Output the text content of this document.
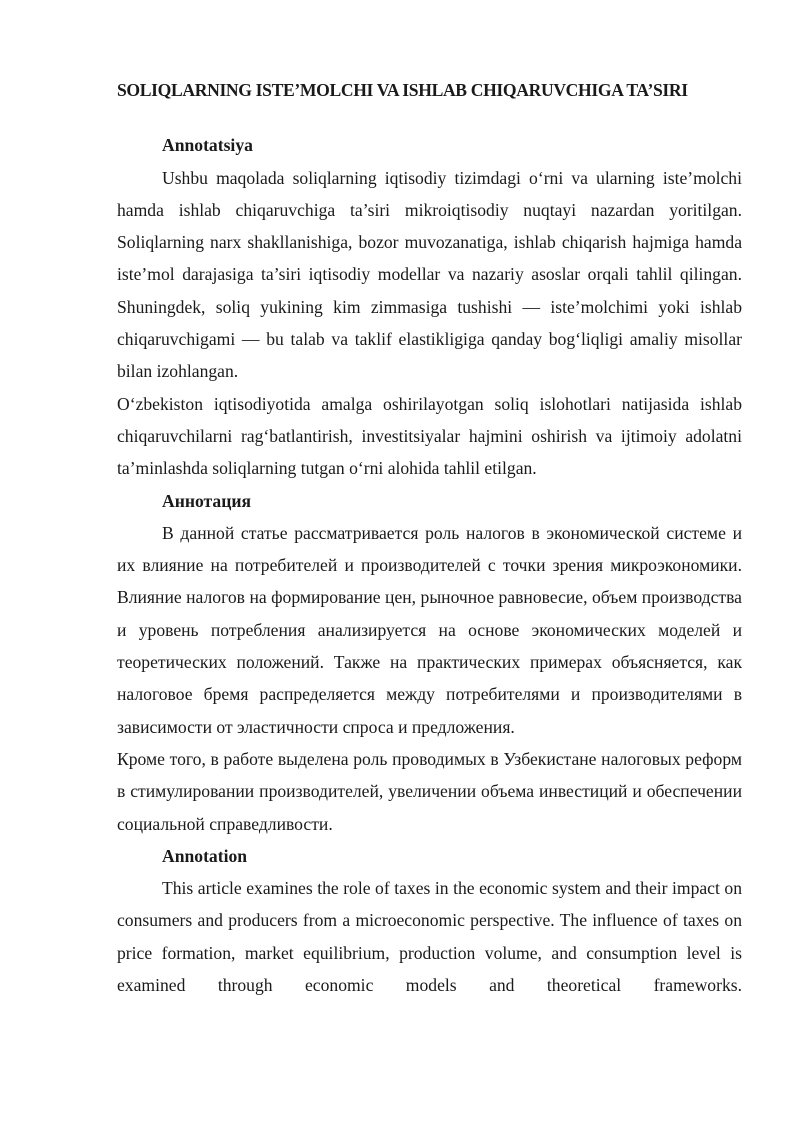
SOLIQLARNING ISTE’MOLCHI VA ISHLAB CHIQARUVCHIGA TA’SIRI
Annotatsiya

Ushbu maqolada soliqlarning iqtisodiy tizimdagi o‘rni va ularning iste’molchi hamda ishlab chiqaruvchiga ta’siri mikroiqtisodiy nuqtayi nazardan yoritilgan. Soliqlarning narx shakllanishiga, bozor muvozanatiga, ishlab chiqarish hajmiga hamda iste’mol darajasiga ta’siri iqtisodiy modellar va nazariy asoslar orqali tahlil qilingan. Shuningdek, soliq yukining kim zimmasiga tushishi — iste’molchimi yoki ishlab chiqaruvchigami — bu talab va taklif elastikligiga qanday bog‘liqligi amaliy misollar bilan izohlangan.

O‘zbekiston iqtisodiyotida amalga oshirilayotgan soliq islohotlari natijasida ishlab chiqaruvchilarni rag‘batlantirish, investitsiyalar hajmini oshirish va ijtimoiy adolatni ta’minlashda soliqlarning tutgan o‘rni alohida tahlil etilgan.

Аннотация

В данной статье рассматривается роль налогов в экономической системе и их влияние на потребителей и производителей с точки зрения микроэкономики. Влияние налогов на формирование цен, рыночное равновесие, объем производства и уровень потребления анализируется на основе экономических моделей и теоретических положений. Также на практических примерах объясняется, как налоговое бремя распределяется между потребителями и производителями в зависимости от эластичности спроса и предложения.

Кроме того, в работе выделена роль проводимых в Узбекистане налоговых реформ в стимулировании производителей, увеличении объема инвестиций и обеспечении социальной справедливости.

Annotation

This article examines the role of taxes in the economic system and their impact on consumers and producers from a microeconomic perspective. The influence of taxes on price formation, market equilibrium, production volume, and consumption level is examined through economic models and theoretical frameworks.
